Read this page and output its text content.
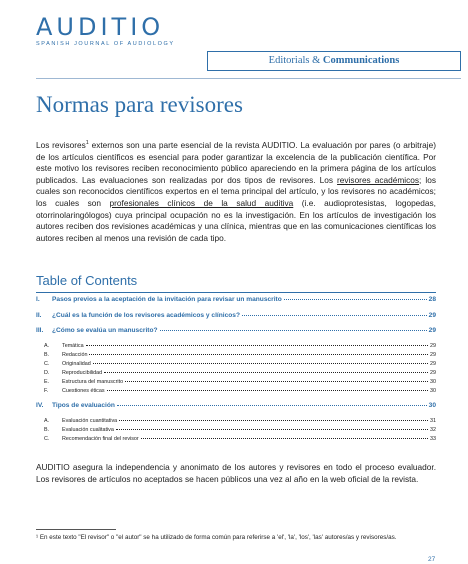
AUDITIO
SPANISH JOURNAL OF AUDIOLOGY
Editorials & Communications
Normas para revisores
Los revisores$^1$ externos son una parte esencial de la revista AUDITIO. La evaluación por pares (o arbitraje) de los artículos científicos es esencial para poder garantizar la excelencia de la publicación científica. Por este motivo los revisores reciben reconocimiento público apareciendo en la primera página de los artículos publicados. Las evaluaciones son realizadas por dos tipos de revisores. Los revisores académicos; los cuales son reconocidos científicos expertos en el tema principal del artículo, y los revisores no académicos; los cuales son profesionales clínicos de la salud auditiva (i.e. audioprotesistas, logopedas, otorrinolaringólogos) cuya principal ocupación no es la investigación. En los artículos de investigación los autores reciben dos revisiones académicas y una clínica, mientras que en las comunicaciones científicas los autores reciben al menos una revisión de cada tipo.
Table of Contents
I.	Pasos previos a la aceptación de la invitación para revisar un manuscrito	28
II.	¿Cuál es la función de los revisores académicos y clínicos?	29
III.	¿Cómo se evalúa un manuscrito?	29
A.	Temática	29
B.	Redacción	29
C.	Originalidad	29
D.	Reproducibilidad	29
E.	Estructura del manuscrito	30
F.	Cuestiones éticas	30
IV.	Tipos de evaluación	30
A.	Evaluación cuantitativa	31
B.	Evaluación cualitativa	32
C.	Recomendación final del revisor	33
AUDITIO asegura la independencia y anonimato de los autores y revisores en todo el proceso evaluador. Los revisores de artículos no aceptados se hacen públicos una vez al año en la web oficial de la revista.
¹ En este texto "El revisor" o "el autor" se ha utilizado de forma común para referirse a 'el', 'la', 'los', 'las' autores/as y revisores/as.
27
